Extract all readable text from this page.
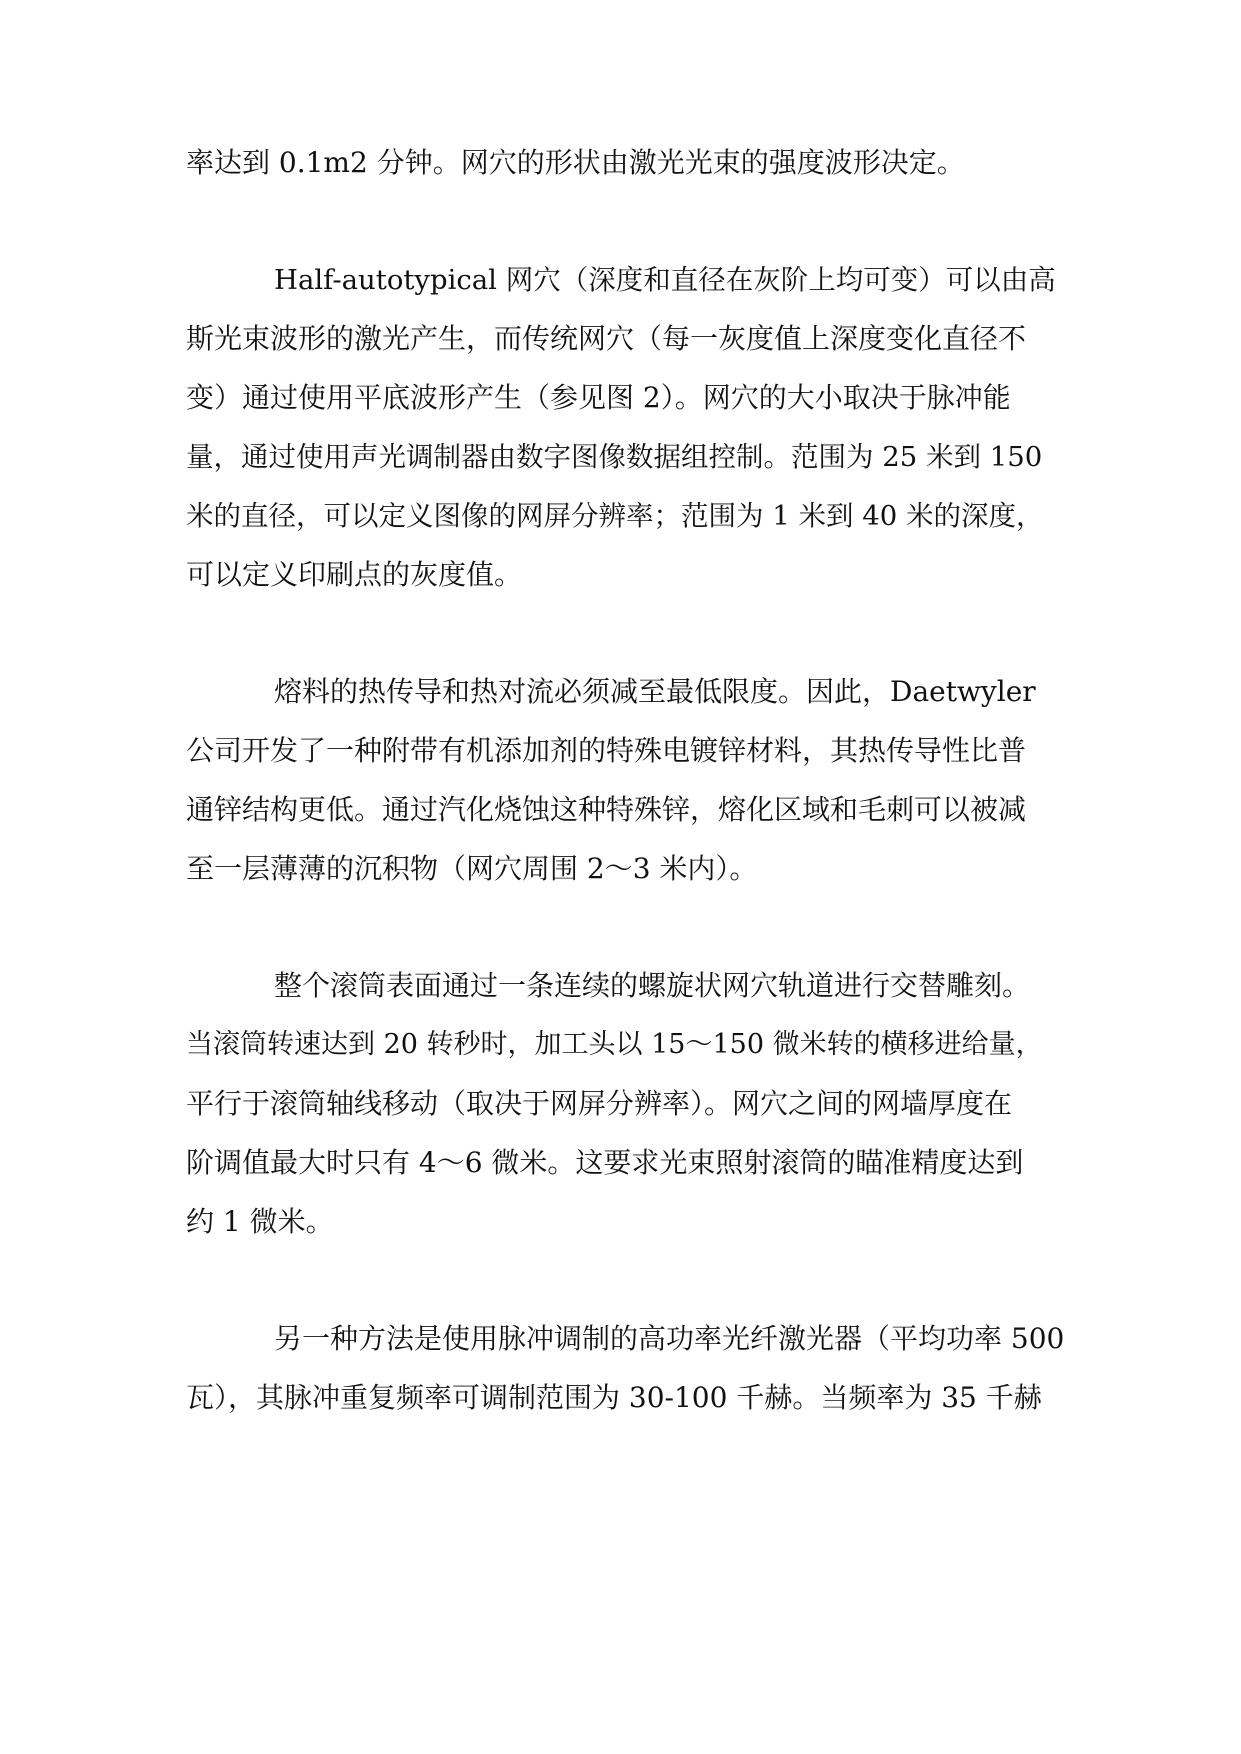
率达到 0.1m2 分钟。网穴的形状由激光光束的强度波形决定。
Half-autotypical 网穴（深度和直径在灰阶上均可变）可以由高
斯光束波形的激光产生，而传统网穴（每一灰度值上深度变化直径不
变）通过使用平底波形产生（参见图 2）。网穴的大小取决于脉冲能
量，通过使用声光调制器由数字图像数据组控制。范围为 25 米到 150
米的直径，可以定义图像的网屏分辨率；范围为 1 米到 40 米的深度，
可以定义印刷点的灰度值。
熔料的热传导和热对流必须减至最低限度。因此，Daetwyler
公司开发了一种附带有机添加剂的特殊电镀锌材料，其热传导性比普
通锌结构更低。通过汽化烧蚀这种特殊锌，熔化区域和毛刺可以被减
至一层薄薄的沉积物（网穴周围 2～3 米内）。
整个滚筒表面通过一条连续的螺旋状网穴轨道进行交替雕刻。
当滚筒转速达到 20 转秒时，加工头以 15～150 微米转的横移进给量，
平行于滚筒轴线移动（取决于网屏分辨率）。网穴之间的网墙厚度在
阶调值最大时只有 4～6 微米。这要求光束照射滚筒的瞄准精度达到
约 1 微米。
另一种方法是使用脉冲调制的高功率光纤激光器（平均功率 500
瓦），其脉冲重复频率可调制范围为 30-100 千赫。当频率为 35 千赫
